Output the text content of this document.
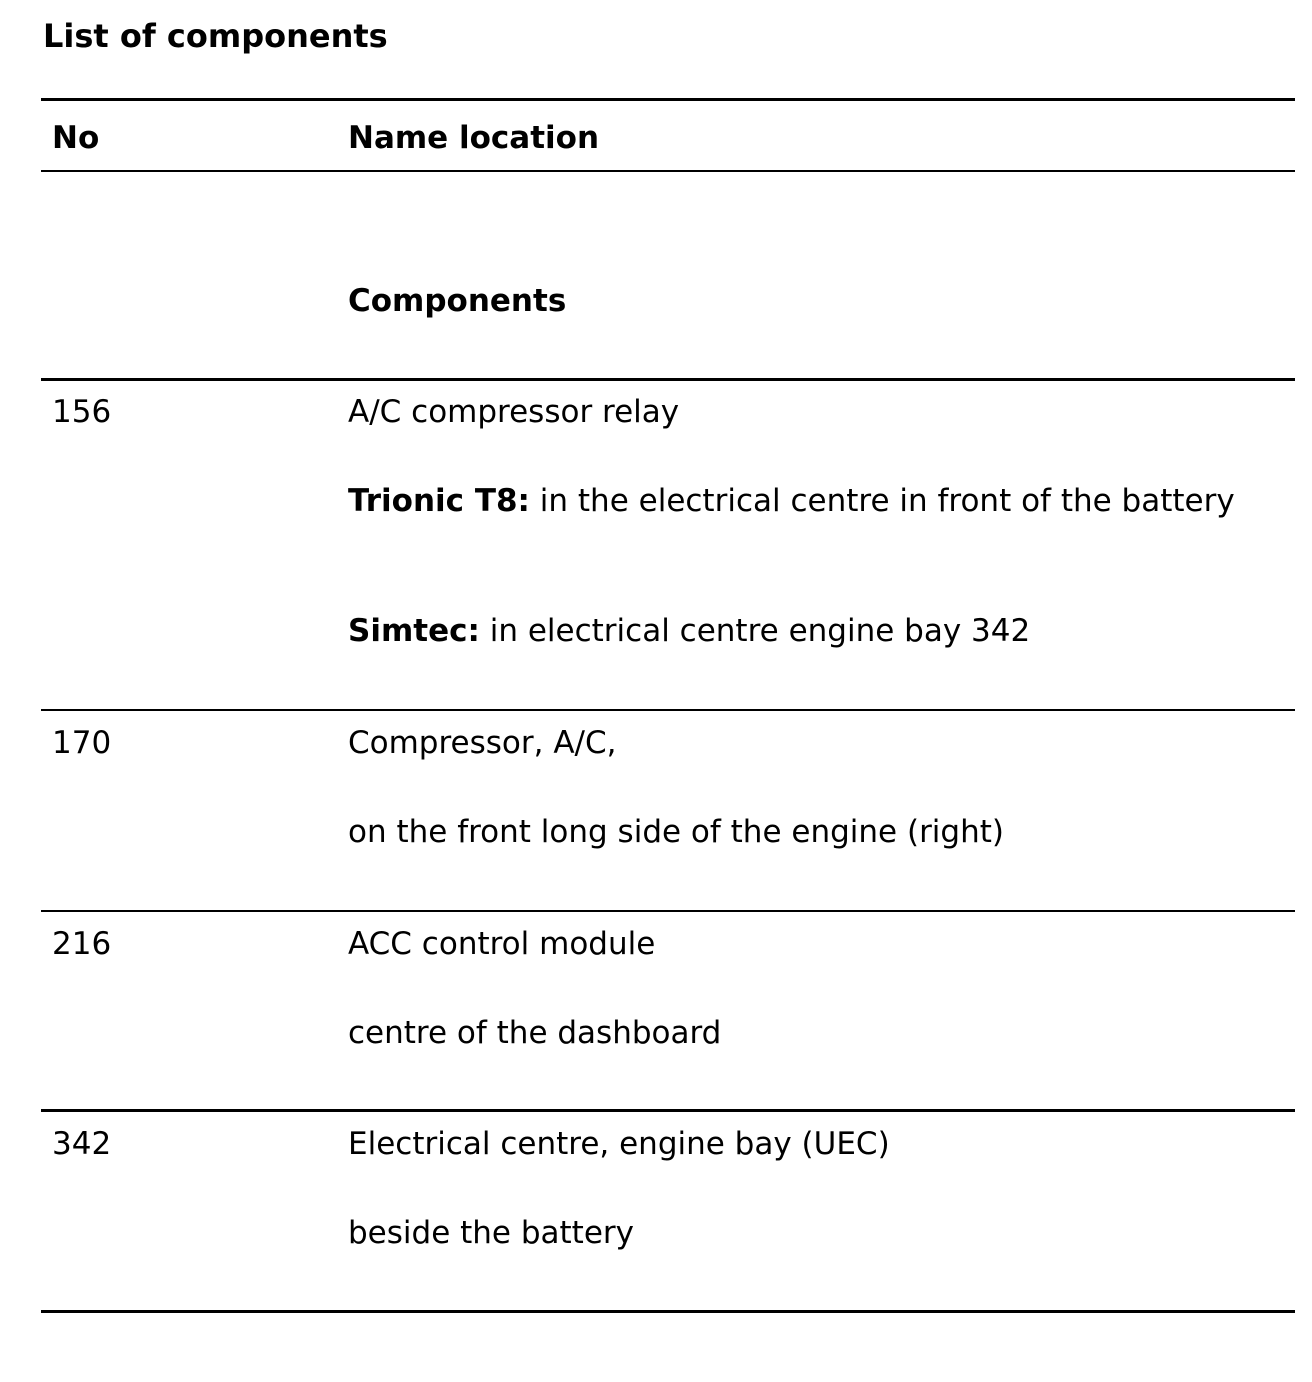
List of components
No	Name location
Components
156	A/C compressor relay
Trionic T8: in the electrical centre in front of the battery
Simtec: in electrical centre engine bay 342
170	Compressor, A/C,
on the front long side of the engine (right)
216	ACC control module
centre of the dashboard
342	Electrical centre, engine bay (UEC)
beside the battery
